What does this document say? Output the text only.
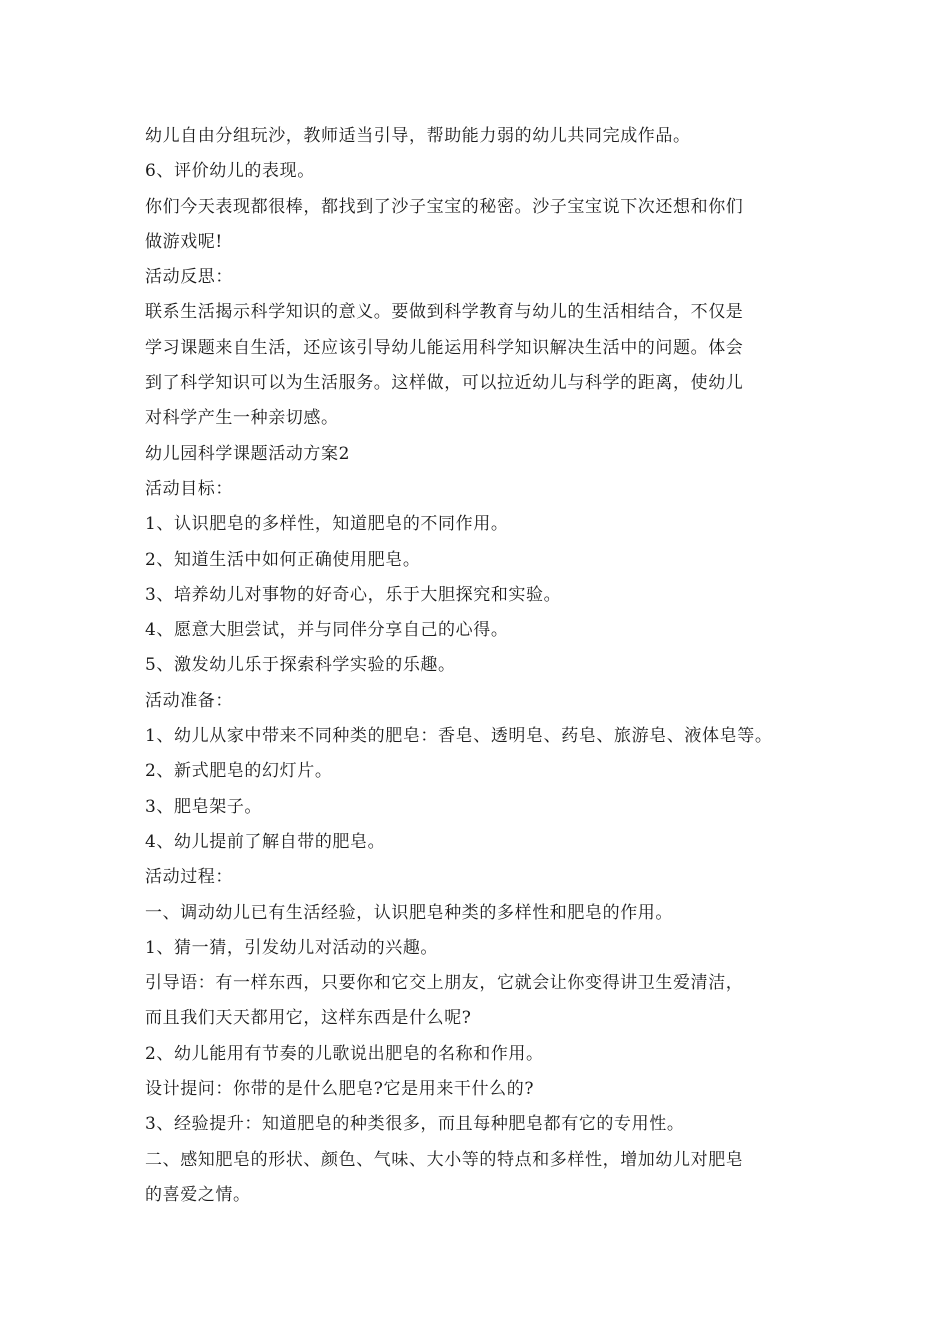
幼儿自由分组玩沙，教师适当引导，帮助能力弱的幼儿共同完成作品。
6、评价幼儿的表现。
你们今天表现都很棒，都找到了沙子宝宝的秘密。沙子宝宝说下次还想和你们
做游戏呢!
活动反思：
联系生活揭示科学知识的意义。要做到科学教育与幼儿的生活相结合，不仅是
学习课题来自生活，还应该引导幼儿能运用科学知识解决生活中的问题。体会
到了科学知识可以为生活服务。这样做，可以拉近幼儿与科学的距离，使幼儿
对科学产生一种亲切感。
幼儿园科学课题活动方案2
活动目标：
1、认识肥皂的多样性，知道肥皂的不同作用。
2、知道生活中如何正确使用肥皂。
3、培养幼儿对事物的好奇心，乐于大胆探究和实验。
4、愿意大胆尝试，并与同伴分享自己的心得。
5、激发幼儿乐于探索科学实验的乐趣。
活动准备：
1、幼儿从家中带来不同种类的肥皂：香皂、透明皂、药皂、旅游皂、液体皂等。
2、新式肥皂的幻灯片。
3、肥皂架子。
4、幼儿提前了解自带的肥皂。
活动过程：
一、调动幼儿已有生活经验，认识肥皂种类的多样性和肥皂的作用。
1、猜一猜，引发幼儿对活动的兴趣。
引导语：有一样东西，只要你和它交上朋友，它就会让你变得讲卫生爱清洁，
而且我们天天都用它，这样东西是什么呢?
2、幼儿能用有节奏的儿歌说出肥皂的名称和作用。
设计提问：你带的是什么肥皂?它是用来干什么的?
3、经验提升：知道肥皂的种类很多，而且每种肥皂都有它的专用性。
二、感知肥皂的形状、颜色、气味、大小等的特点和多样性，增加幼儿对肥皂
的喜爱之情。
